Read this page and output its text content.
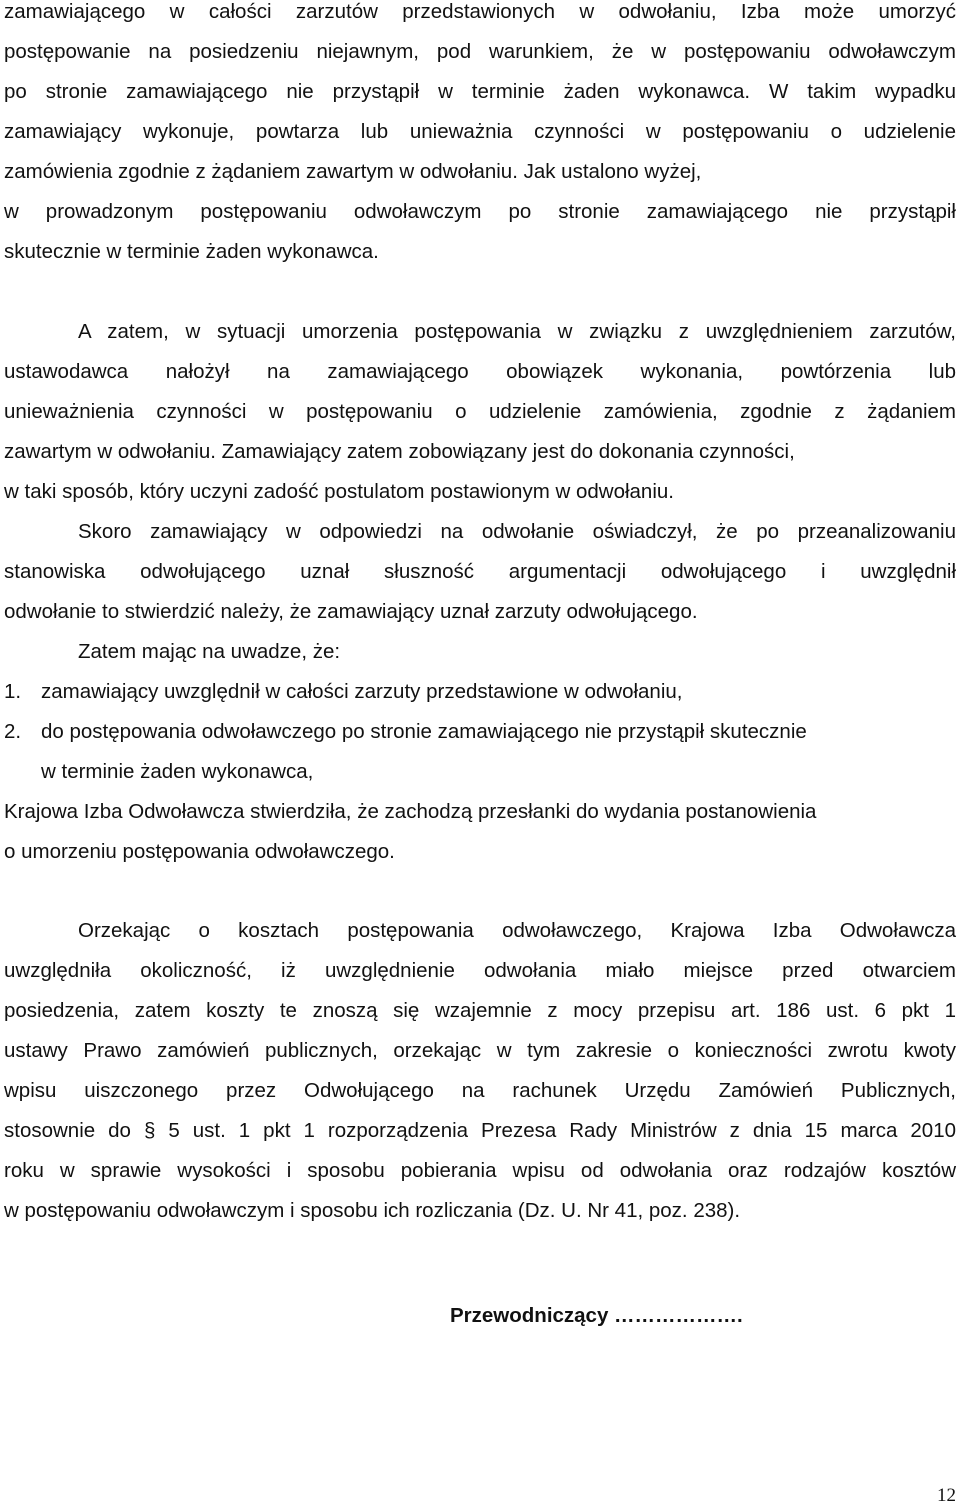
zamawiającego w całości zarzutów przedstawionych w odwołaniu, Izba może umorzyć
postępowanie na posiedzeniu niejawnym, pod warunkiem, że w postępowaniu odwoławczym
po stronie zamawiającego nie przystąpił w terminie żaden wykonawca. W takim wypadku
zamawiający wykonuje, powtarza lub unieważnia czynności w postępowaniu o udzielenie
zamówienia zgodnie z żądaniem zawartym w odwołaniu. Jak ustalono wyżej,
w prowadzonym postępowaniu odwoławczym po stronie zamawiającego nie przystąpił
skutecznie w terminie żaden wykonawca.
A zatem, w sytuacji umorzenia postępowania w związku z uwzględnieniem zarzutów,
ustawodawca nałożył na zamawiającego obowiązek wykonania, powtórzenia lub
unieważnienia czynności w postępowaniu o udzielenie zamówienia, zgodnie z żądaniem
zawartym w odwołaniu. Zamawiający zatem zobowiązany jest do dokonania czynności,
w taki sposób, który uczyni zadość postulatom postawionym w odwołaniu.
Skoro zamawiający w odpowiedzi na odwołanie oświadczył, że po przeanalizowaniu
stanowiska odwołującego uznał słuszność argumentacji odwołującego i uwzględnił
odwołanie to stwierdzić należy, że zamawiający uznał zarzuty odwołującego.
Zatem mając na uwadze, że:
1. zamawiający uwzględnił w całości zarzuty przedstawione w odwołaniu,
2. do postępowania odwoławczego po stronie zamawiającego nie przystąpił skutecznie
w terminie żaden wykonawca,
Krajowa Izba Odwoławcza stwierdziła, że zachodzą przesłanki do wydania postanowienia
o umorzeniu postępowania odwoławczego.
Orzekając o kosztach postępowania odwoławczego, Krajowa Izba Odwoławcza
uwzględniła okoliczność, iż uwzględnienie odwołania miało miejsce przed otwarciem
posiedzenia, zatem koszty te znoszą się wzajemnie z mocy przepisu art. 186 ust. 6 pkt 1
ustawy Prawo zamówień publicznych, orzekając w tym zakresie o konieczności zwrotu kwoty
wpisu uiszczonego przez Odwołującego na rachunek Urzędu Zamówień Publicznych,
stosownie do § 5 ust. 1 pkt 1 rozporządzenia Prezesa Rady Ministrów z dnia 15 marca 2010
roku w sprawie wysokości i sposobu pobierania wpisu od odwołania oraz rodzajów kosztów
w postępowaniu odwoławczym i sposobu ich rozliczania (Dz. U. Nr 41, poz. 238).
Przewodniczący ……………….
12
